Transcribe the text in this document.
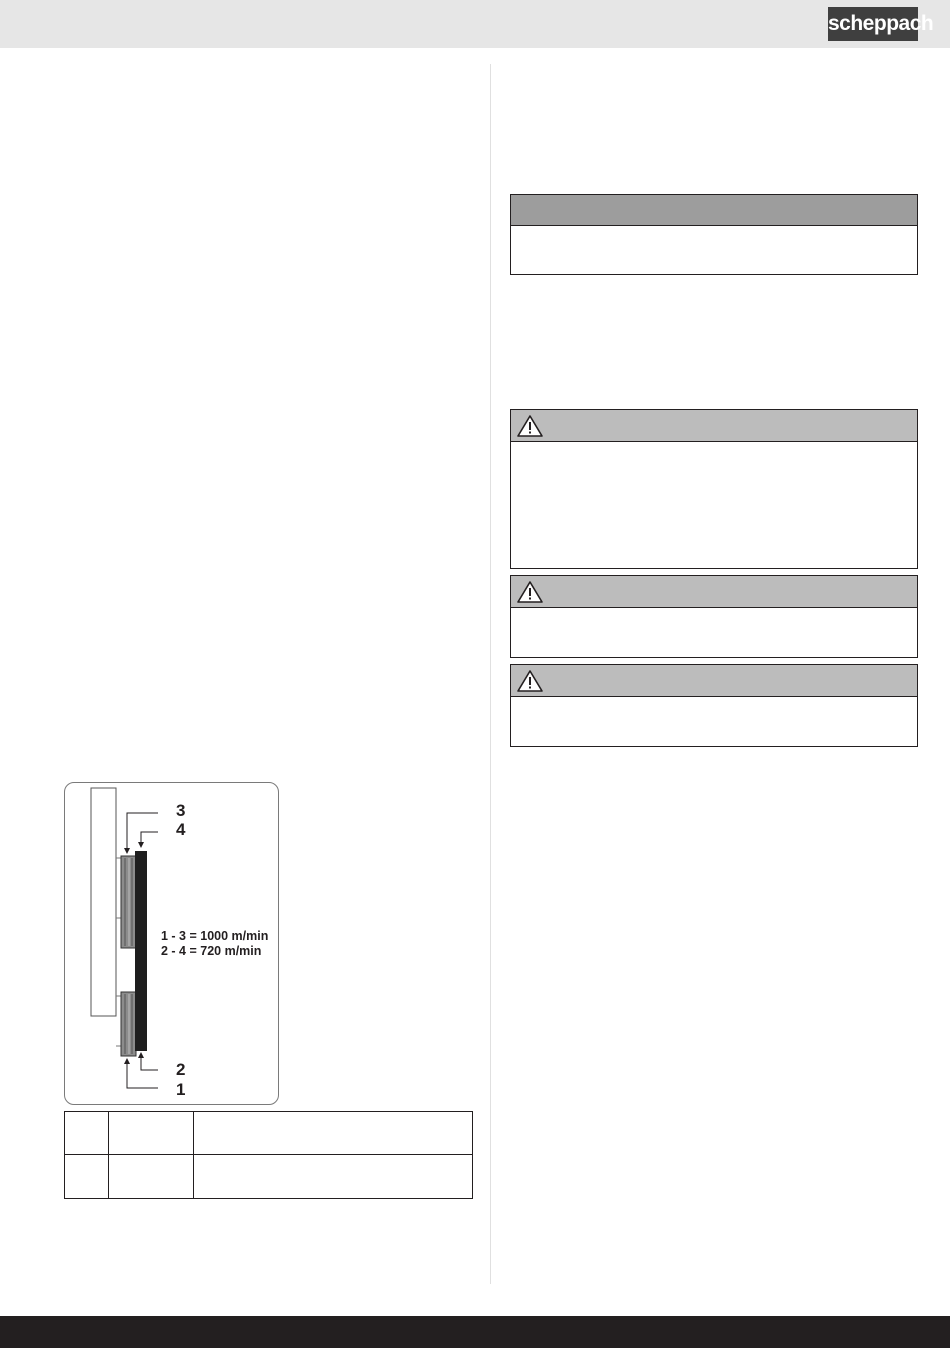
scheppach
3
4
2
1
1 - 3 = 1000 m/min
2 - 4 = 720 m/min
